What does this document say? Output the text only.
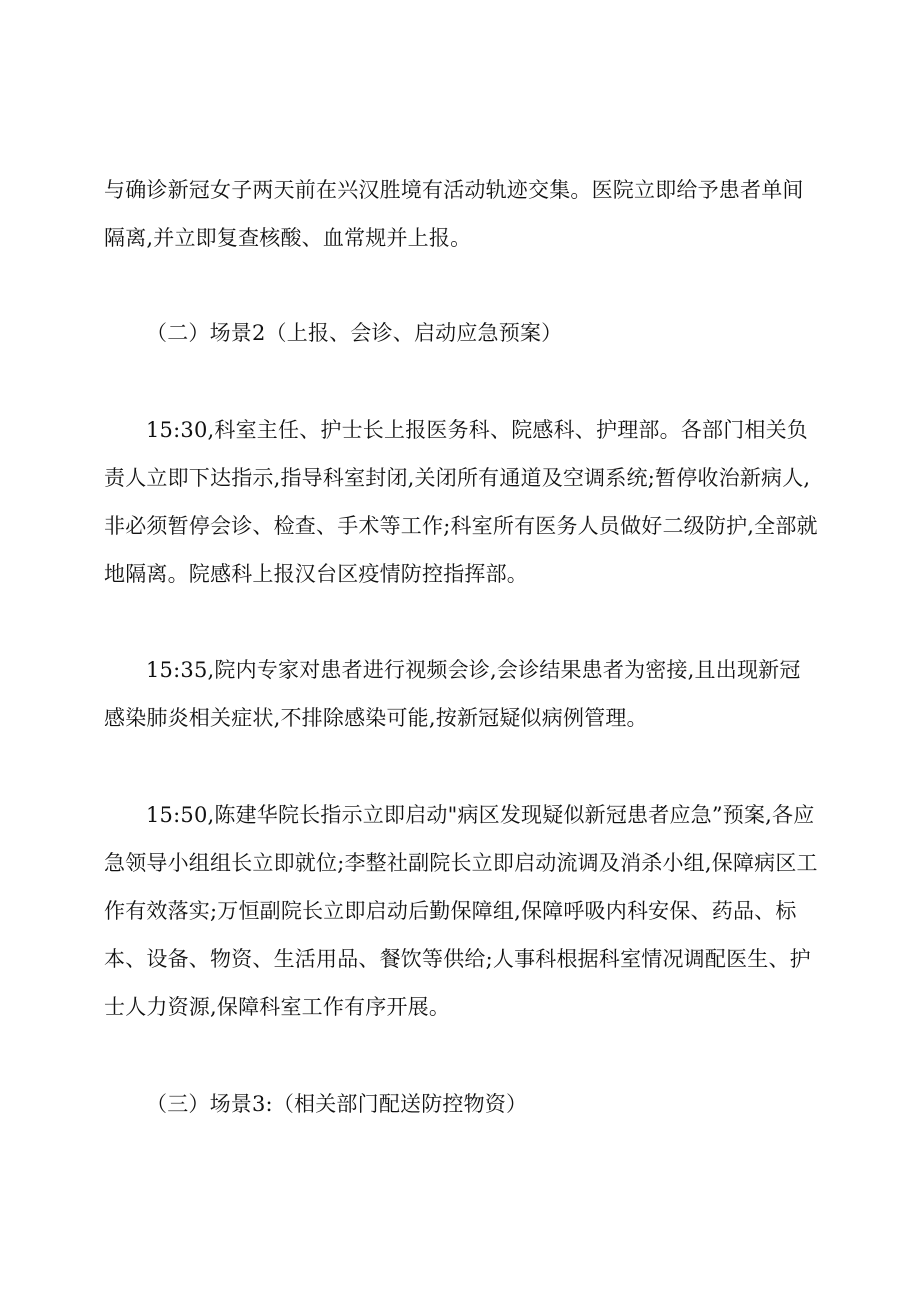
与确诊新冠女子两天前在兴汉胜境有活动轨迹交集。医院立即给予患者单间隔离,并立即复查核酸、血常规并上报。

（二）场景2（上报、会诊、启动应急预案）

15:30,科室主任、护士长上报医务科、院感科、护理部。各部门相关负责人立即下达指示,指导科室封闭,关闭所有通道及空调系统;暂停收治新病人,非必须暂停会诊、检查、手术等工作;科室所有医务人员做好二级防护,全部就地隔离。院感科上报汉台区疫情防控指挥部。

15:35,院内专家对患者进行视频会诊,会诊结果患者为密接,且出现新冠感染肺炎相关症状,不排除感染可能,按新冠疑似病例管理。

15:50,陈建华院长指示立即启动"病区发现疑似新冠患者应急”预案,各应急领导小组组长立即就位;李整社副院长立即启动流调及消杀小组,保障病区工作有效落实;万恒副院长立即启动后勤保障组,保障呼吸内科安保、药品、标本、设备、物资、生活用品、餐饮等供给;人事科根据科室情况调配医生、护士人力资源,保障科室工作有序开展。

（三）场景3:（相关部门配送防控物资）
